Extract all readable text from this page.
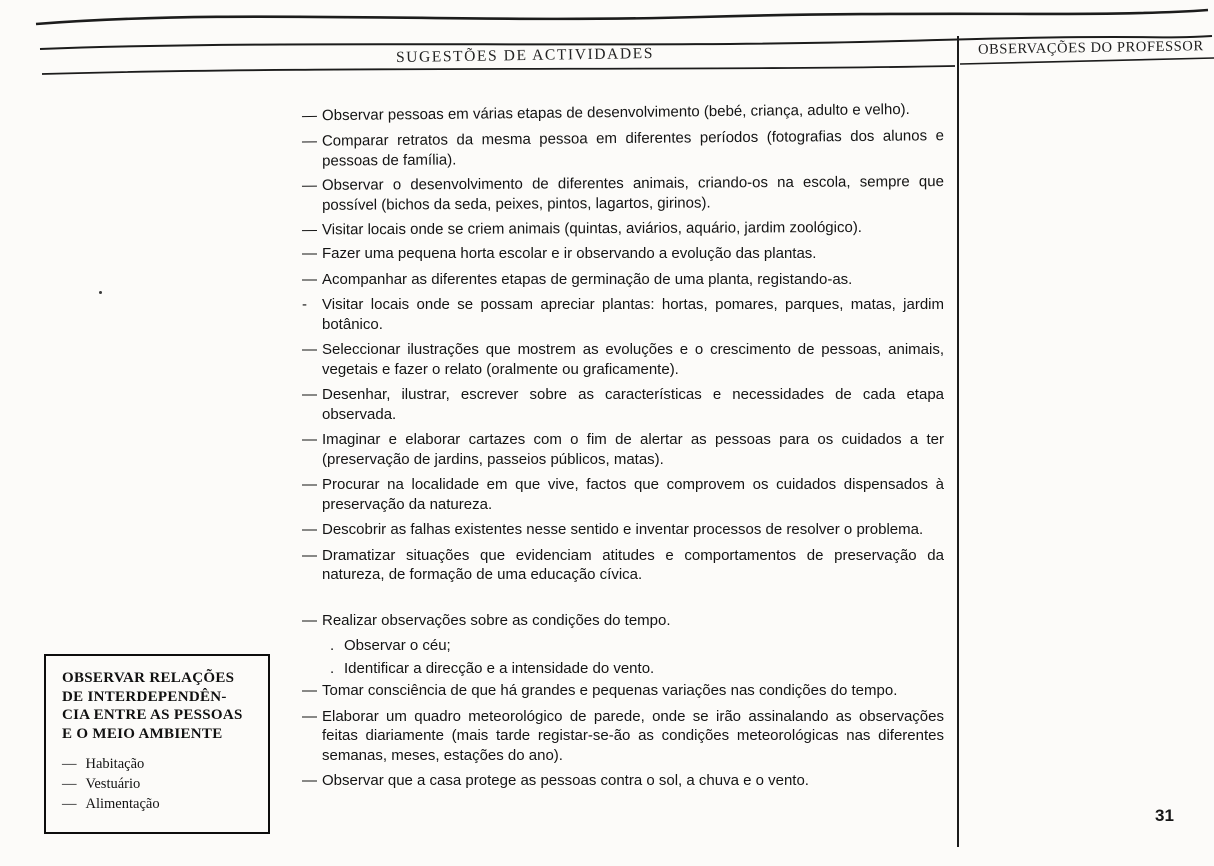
SUGESTÕES DE ACTIVIDADES	OBSERVAÇÕES DO PROFESSOR
— Observar pessoas em várias etapas de desenvolvimento (bebé, criança, adulto e velho).
— Comparar retratos da mesma pessoa em diferentes períodos (fotografias dos alunos e pessoas de família).
— Observar o desenvolvimento de diferentes animais, criando-os na escola, sempre que possível (bichos da seda, peixes, pintos, lagartos, girinos).
— Visitar locais onde se criem animais (quintas, aviários, aquário, jardim zoológico).
— Fazer uma pequena horta escolar e ir observando a evolução das plantas.
— Acompanhar as diferentes etapas de germinação de uma planta, registando-as.
- Visitar locais onde se possam apreciar plantas: hortas, pomares, parques, matas, jardim botânico.
— Seleccionar ilustrações que mostrem as evoluções e o crescimento de pessoas, animais, vegetais e fazer o relato (oralmente ou graficamente).
— Desenhar, ilustrar, escrever sobre as características e necessidades de cada etapa observada.
— Imaginar e elaborar cartazes com o fim de alertar as pessoas para os cuidados a ter (preservação de jardins, passeios públicos, matas).
— Procurar na localidade em que vive, factos que comprovem os cuidados dispensados à preservação da natureza.
— Descobrir as falhas existentes nesse sentido e inventar processos de resolver o problema.
— Dramatizar situações que evidenciam atitudes e comportamentos de preservação da natureza, de formação de uma educação cívica.
— Realizar observações sobre as condições do tempo.
. Observar o céu;
. Identificar a direcção e a intensidade do vento.
— Tomar consciência de que há grandes e pequenas variações nas condições do tempo.
— Elaborar um quadro meteorológico de parede, onde se irão assinalando as observações feitas diariamente (mais tarde registar-se-ão as condições meteorológicas nas diferentes semanas, meses, estações do ano).
— Observar que a casa protege as pessoas contra o sol, a chuva e o vento.
OBSERVAR RELAÇÕES
DE INTERDEPENDÊN-
CIA ENTRE AS PESSOAS
E O MEIO AMBIENTE
— Habitação
— Vestuário
— Alimentação
31
